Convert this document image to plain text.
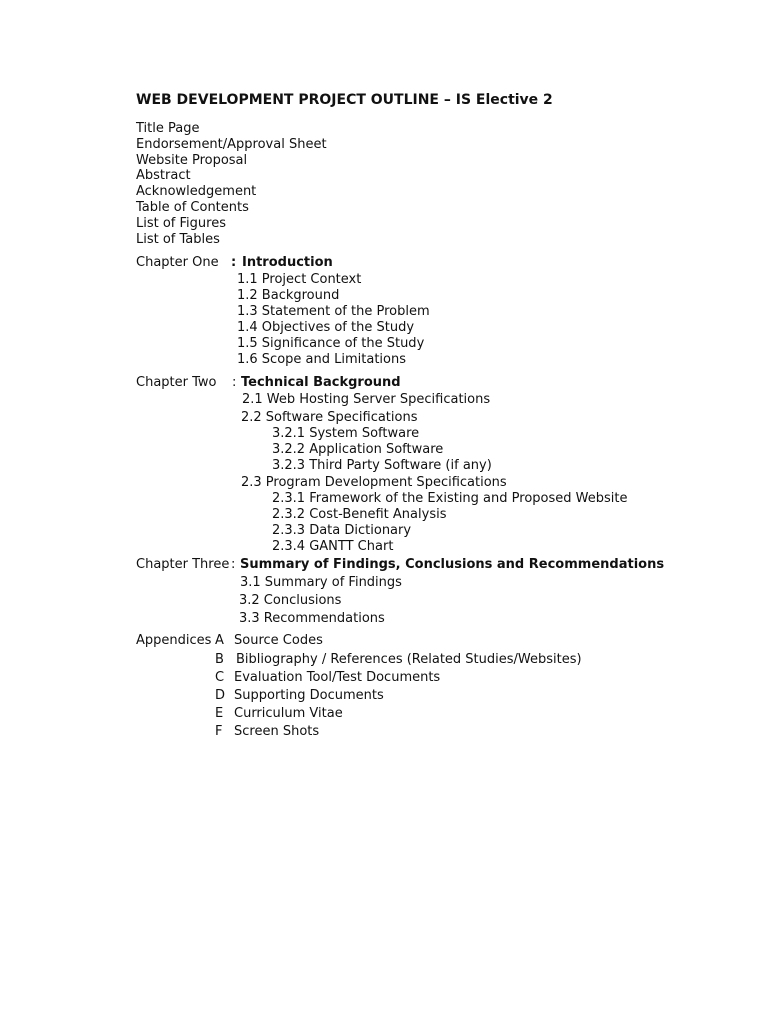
WEB DEVELOPMENT PROJECT OUTLINE – IS Elective 2
Title Page
Endorsement/Approval Sheet
Website Proposal
Abstract
Acknowledgement
Table of Contents
List of Figures
List of Tables
Chapter One : Introduction
1.1 Project Context
1.2 Background
1.3 Statement of the Problem
1.4 Objectives of the Study
1.5 Significance of the Study
1.6 Scope and Limitations
Chapter Two : Technical Background
2.1 Web Hosting Server Specifications
2.2 Software Specifications
3.2.1 System Software
3.2.2 Application Software
3.2.3 Third Party Software (if any)
2.3 Program Development Specifications
2.3.1 Framework of the Existing and Proposed Website
2.3.2 Cost-Benefit Analysis
2.3.3 Data Dictionary
2.3.4 GANTT Chart
Chapter Three : Summary of Findings, Conclusions and Recommendations
3.1 Summary of Findings
3.2 Conclusions
3.3 Recommendations
Appendices A Source Codes
B Bibliography / References (Related Studies/Websites)
C Evaluation Tool/Test Documents
D Supporting Documents
E Curriculum Vitae
F Screen Shots
